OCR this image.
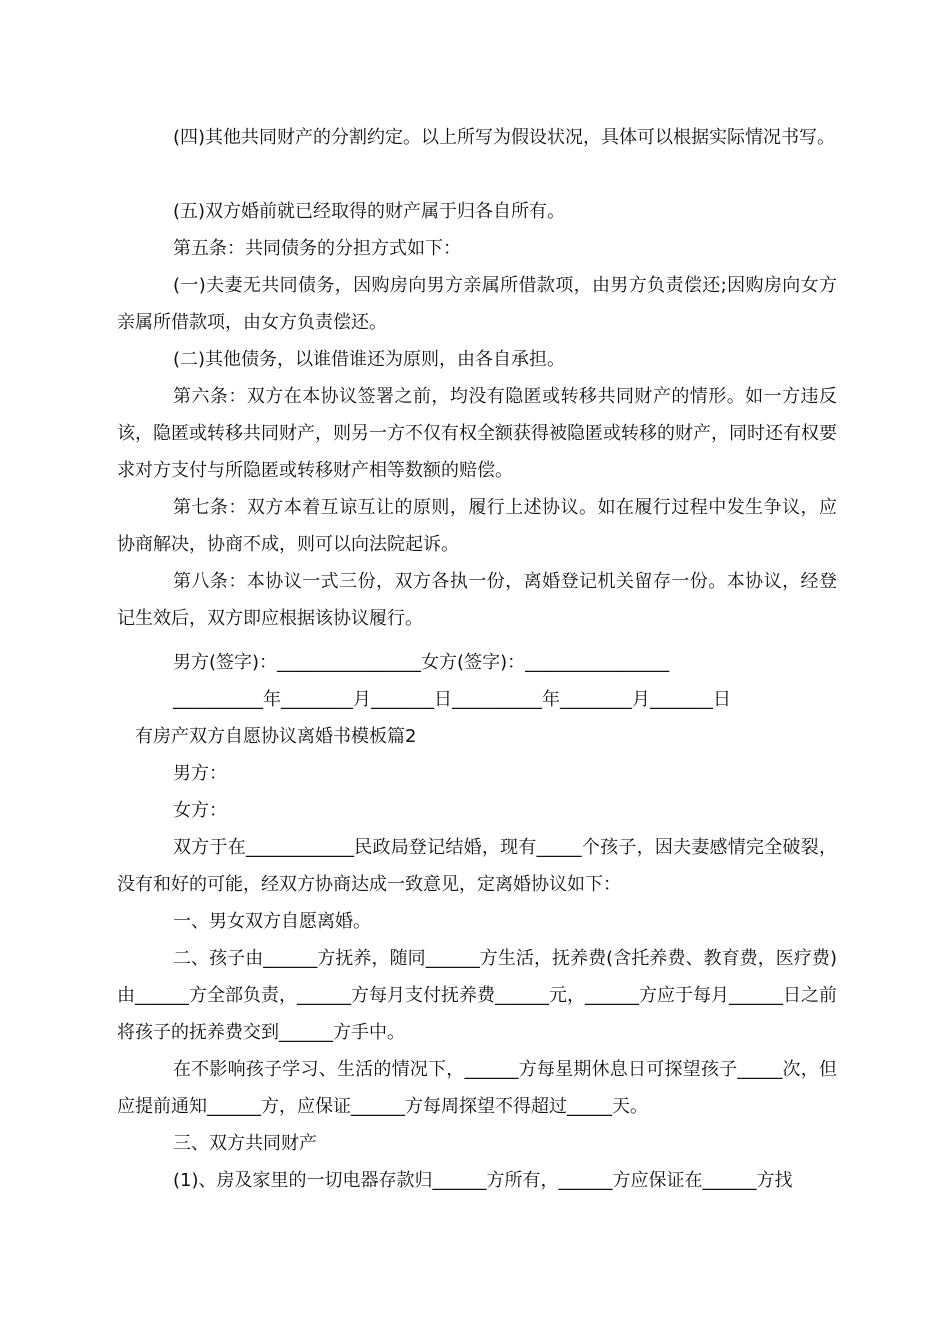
(四)其他共同财产的分割约定。以上所写为假设状况，具体可以根据实际情况书写。

(五)双方婚前就已经取得的财产属于归各自所有。

第五条：共同债务的分担方式如下：

(一)夫妻无共同债务，因购房向男方亲属所借款项，由男方负责偿还;因购房向女方亲属所借款项，由女方负责偿还。

(二)其他债务，以谁借谁还为原则，由各自承担。

第六条：双方在本协议签署之前，均没有隐匿或转移共同财产的情形。如一方违反该，隐匿或转移共同财产，则另一方不仅有权全额获得被隐匿或转移的财产，同时还有权要求对方支付与所隐匿或转移财产相等数额的赔偿。

第七条：双方本着互谅互让的原则，履行上述协议。如在履行过程中发生争议，应协商解决，协商不成，则可以向法院起诉。

第八条：本协议一式三份，双方各执一份，离婚登记机关留存一份。本协议，经登记生效后，双方即应根据该协议履行。

男方(签字)：________________女方(签字)：________________

__________年________月_______日__________年________月_______日

有房产双方自愿协议离婚书模板篇2

男方：

女方：

双方于在____________民政局登记结婚，现有_____个孩子，因夫妻感情完全破裂，没有和好的可能，经双方协商达成一致意见，定离婚协议如下：

一、男女双方自愿离婚。

二、孩子由______方抚养，随同______方生活，抚养费(含托养费、教育费，医疗费)由______方全部负责，______方每月支付抚养费______元，______方应于每月______日之前将孩子的抚养费交到______方手中。

在不影响孩子学习、生活的情况下，______方每星期休息日可探望孩子_____次，但应提前通知______方，应保证______方每周探望不得超过_____天。

三、双方共同财产

(1)、房及家里的一切电器存款归______方所有，______方应保证在______方找
